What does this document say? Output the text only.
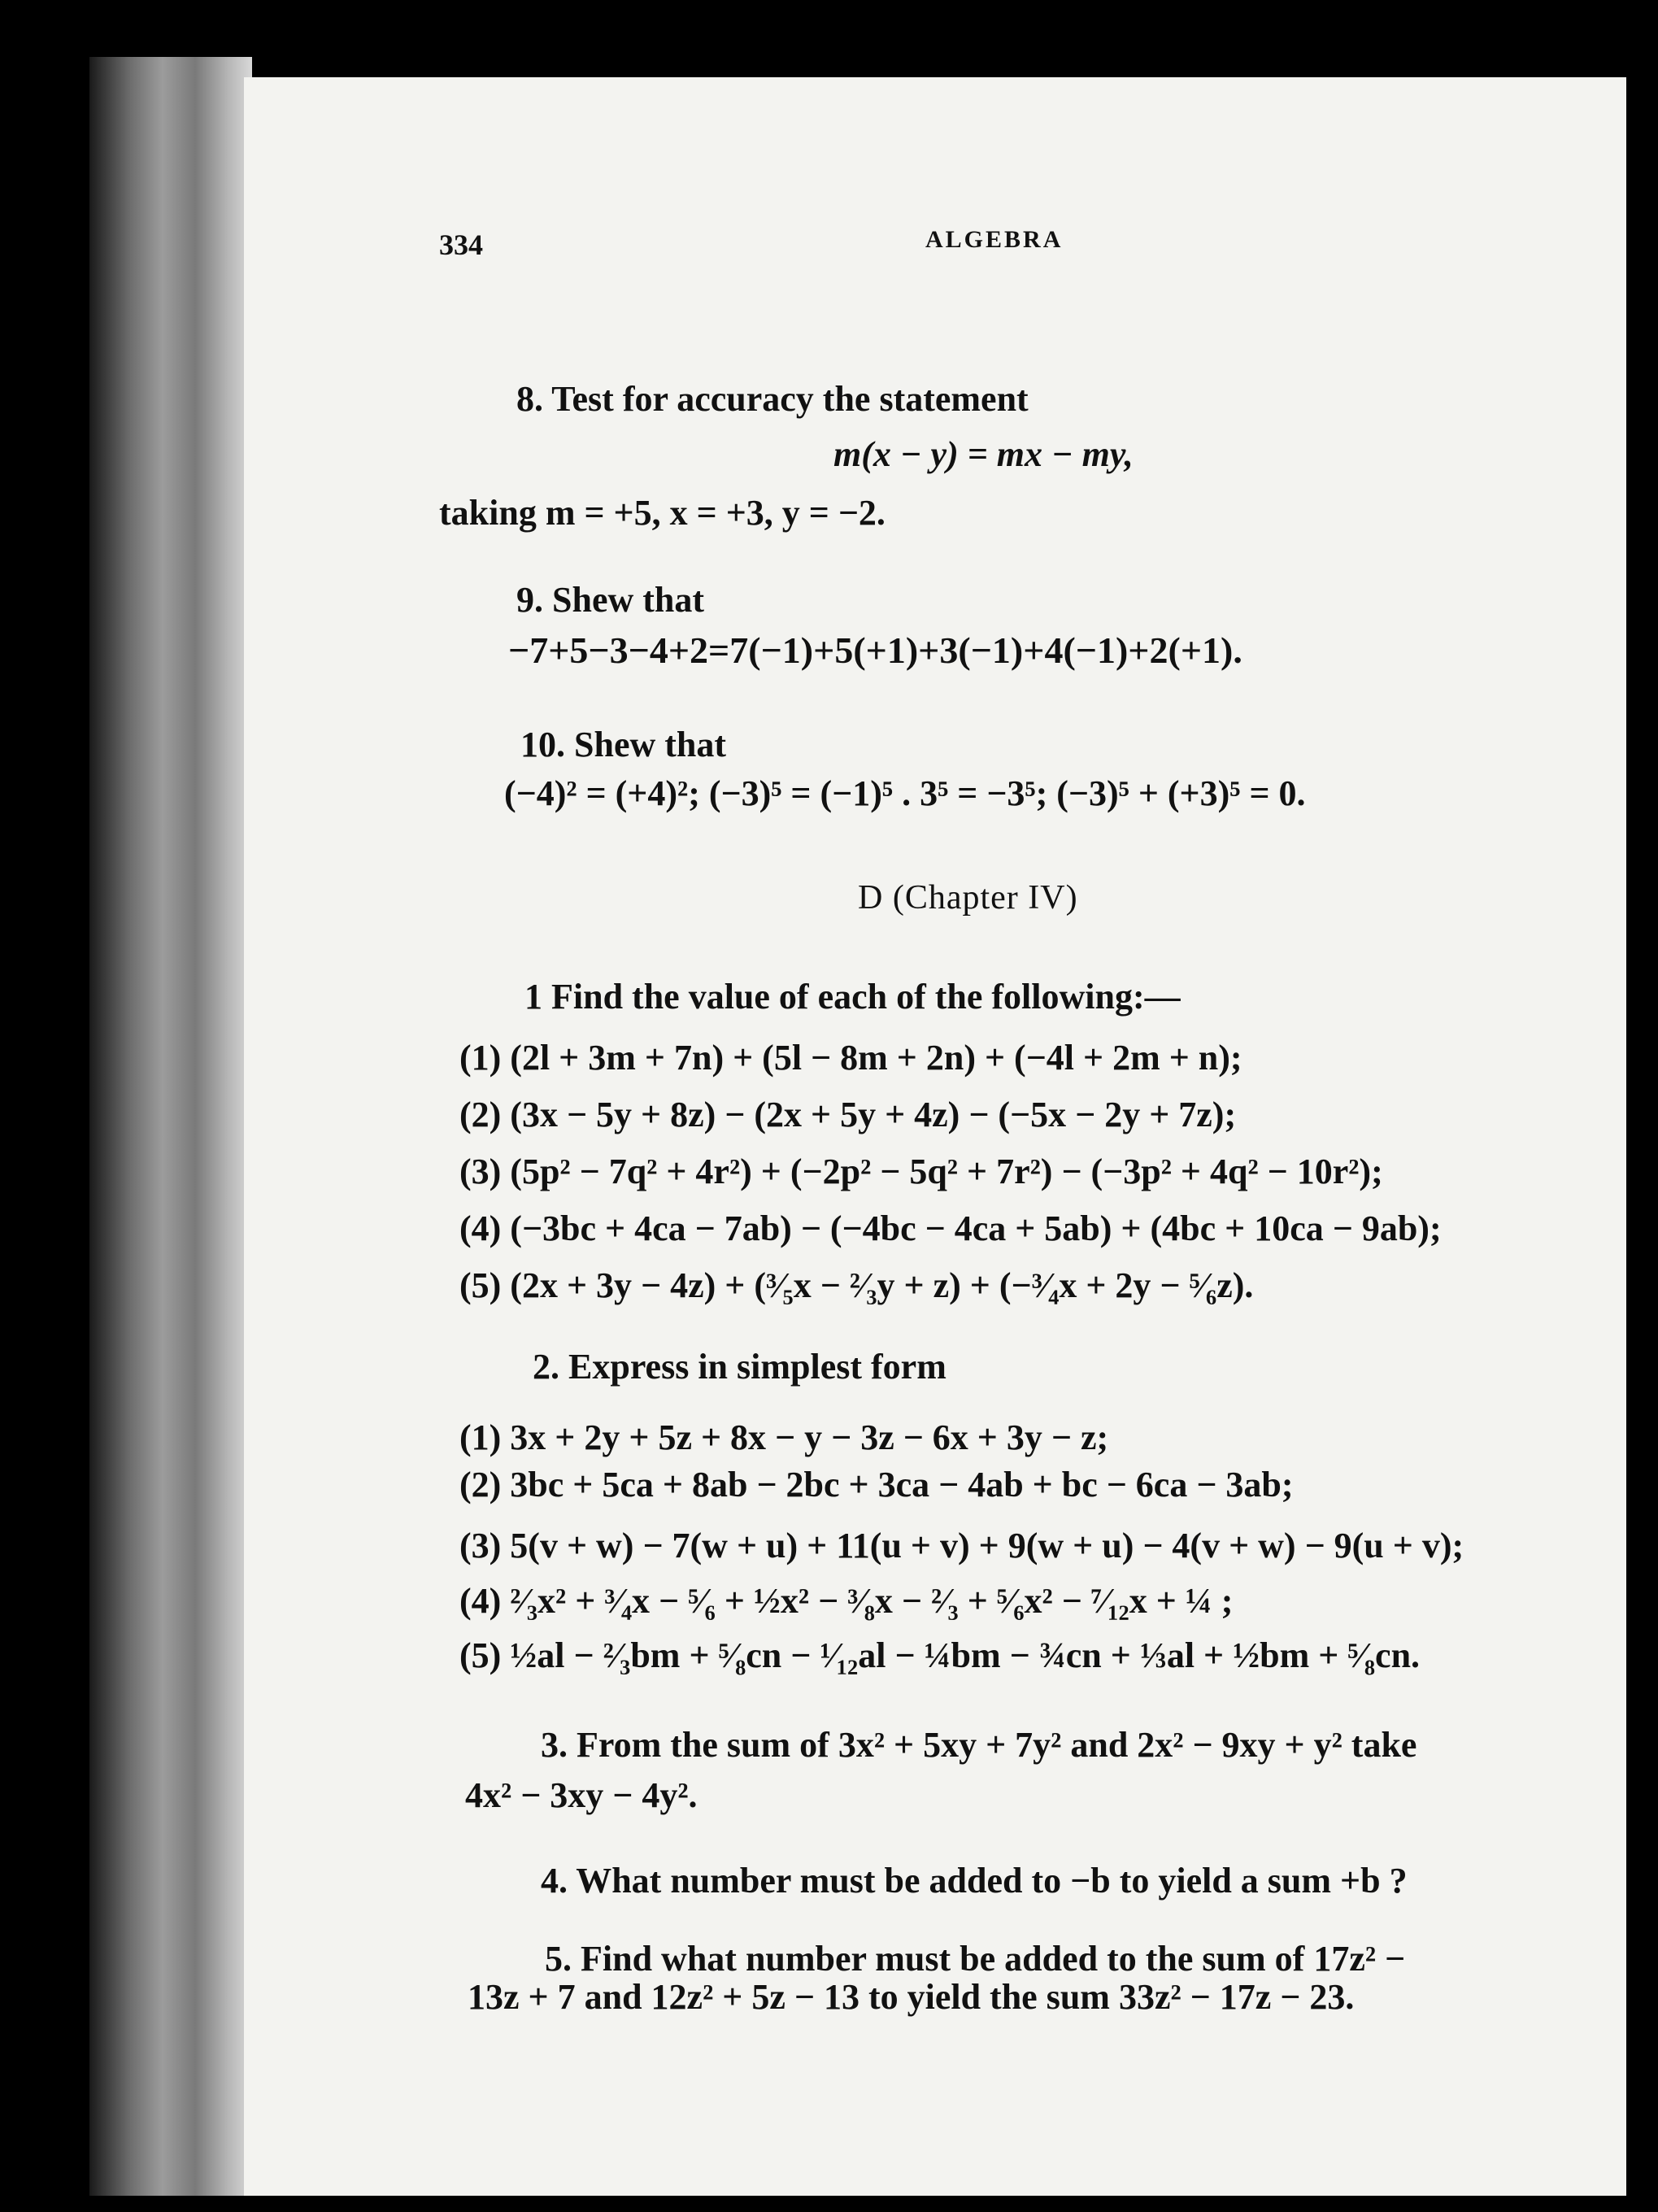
334	ALGEBRA
8. Test for accuracy the statement
m(x − y) = mx − my,
taking m = +5, x = +3, y = −2.
9. Shew that
−7+5−3−4+2=7(−1)+5(+1)+3(−1)+4(−1)+2(+1).
10. Shew that
(−4)² = (+4)²; (−3)⁵ = (−1)⁵ . 3⁵ = −3⁵; (−3)⁵ + (+3)⁵ = 0.
D (Chapter IV)
1 Find the value of each of the following:—
(1) (2l + 3m + 7n) + (5l − 8m + 2n) + (−4l + 2m + n);
(2) (3x − 5y + 8z) − (2x + 5y + 4z) − (−5x − 2y + 7z);
(3) (5p² − 7q² + 4r²) + (−2p² − 5q² + 7r²) − (−3p² + 4q² − 10r²);
(4) (−3bc + 4ca − 7ab) − (−4bc − 4ca + 5ab) + (4bc + 10ca − 9ab);
(5) (2x + 3y − 4z) + (³⁄₅x − ²⁄₃y + z) + (−³⁄₄x + 2y − ⁵⁄₆z).
2. Express in simplest form
(1) 3x + 2y + 5z + 8x − y − 3z − 6x + 3y − z;
(2) 3bc + 5ca + 8ab − 2bc + 3ca − 4ab + bc − 6ca − 3ab;
(3) 5(v + w) − 7(w + u) + 11(u + v) + 9(w + u) − 4(v + w) − 9(u + v);
(4) ²⁄₃x² + ³⁄₄x − ⁵⁄₆ + ½x² − ³⁄₈x − ²⁄₃ + ⁵⁄₆x² − ⁷⁄₁₂x + ¼ ;
(5) ½al − ²⁄₃bm + ⁵⁄₈cn − ¹⁄₁₂al − ¼bm − ¾cn + ⅓al + ½bm + ⁵⁄₈cn.
3. From the sum of 3x² + 5xy + 7y² and 2x² − 9xy + y² take
4x² − 3xy − 4y².
4. What number must be added to −b to yield a sum +b ?
5. Find what number must be added to the sum of 17z² −
13z + 7 and 12z² + 5z − 13 to yield the sum 33z² − 17z − 23.
